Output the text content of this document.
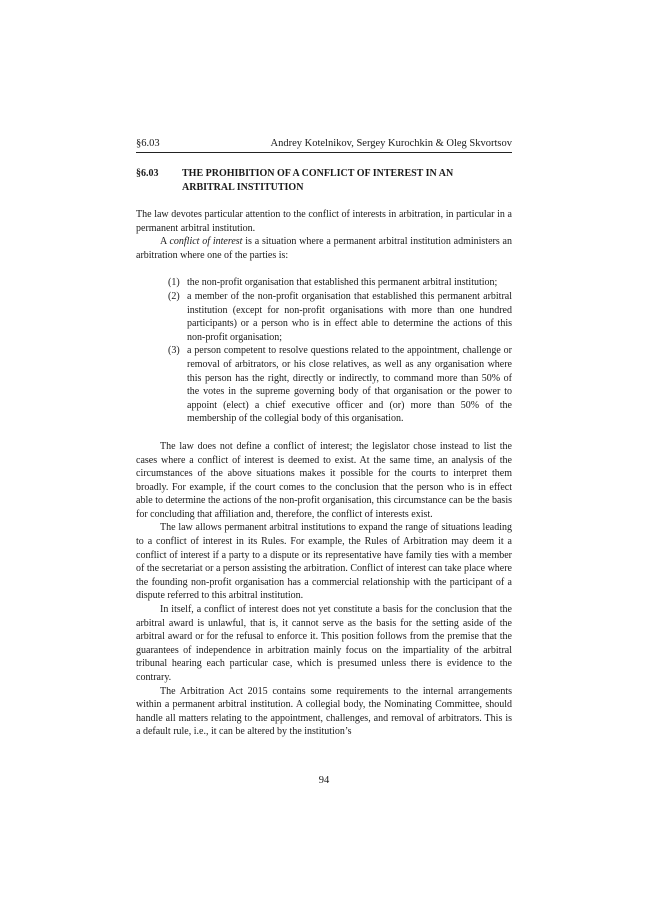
§6.03	Andrey Kotelnikov, Sergey Kurochkin & Oleg Skvortsov
§6.03	THE PROHIBITION OF A CONFLICT OF INTEREST IN AN
ARBITRAL INSTITUTION

The law devotes particular attention to the conflict of interests in arbitration, in particular in a permanent arbitral institution.

A conflict of interest is a situation where a permanent arbitral institution administers an arbitration where one of the parties is:

(1) the non-profit organisation that established this permanent arbitral institution;
(2) a member of the non-profit organisation that established this permanent arbitral institution (except for non-profit organisations with more than one hundred participants) or a person who is in effect able to determine the actions of this non-profit organisation;
(3) a person competent to resolve questions related to the appointment, challenge or removal of arbitrators, or his close relatives, as well as any organisation where this person has the right, directly or indirectly, to command more than 50% of the votes in the supreme governing body of that organisation or the power to appoint (elect) a chief executive officer and (or) more than 50% of the membership of the collegial body of this organisation.

The law does not define a conflict of interest; the legislator chose instead to list the cases where a conflict of interest is deemed to exist. At the same time, an analysis of the circumstances of the above situations makes it possible for the courts to interpret them broadly. For example, if the court comes to the conclusion that the person who is in effect able to determine the actions of the non-profit organisation, this circumstance can be the basis for concluding that affiliation and, therefore, the conflict of interests exist.

The law allows permanent arbitral institutions to expand the range of situations leading to a conflict of interest in its Rules. For example, the Rules of Arbitration may deem it a conflict of interest if a party to a dispute or its representative have family ties with a member of the secretariat or a person assisting the arbitration. Conflict of interest can take place where the founding non-profit organisation has a commercial relationship with the participant of a dispute referred to this arbitral institution.

In itself, a conflict of interest does not yet constitute a basis for the conclusion that the arbitral award is unlawful, that is, it cannot serve as the basis for the setting aside of the arbitral award or for the refusal to enforce it. This position follows from the premise that the guarantees of independence in arbitration mainly focus on the impartiality of the arbitral tribunal hearing each particular case, which is presumed unless there is evidence to the contrary.

The Arbitration Act 2015 contains some requirements to the internal arrangements within a permanent arbitral institution. A collegial body, the Nominating Committee, should handle all matters relating to the appointment, challenges, and removal of arbitrators. This is a default rule, i.e., it can be altered by the institution’s

94
